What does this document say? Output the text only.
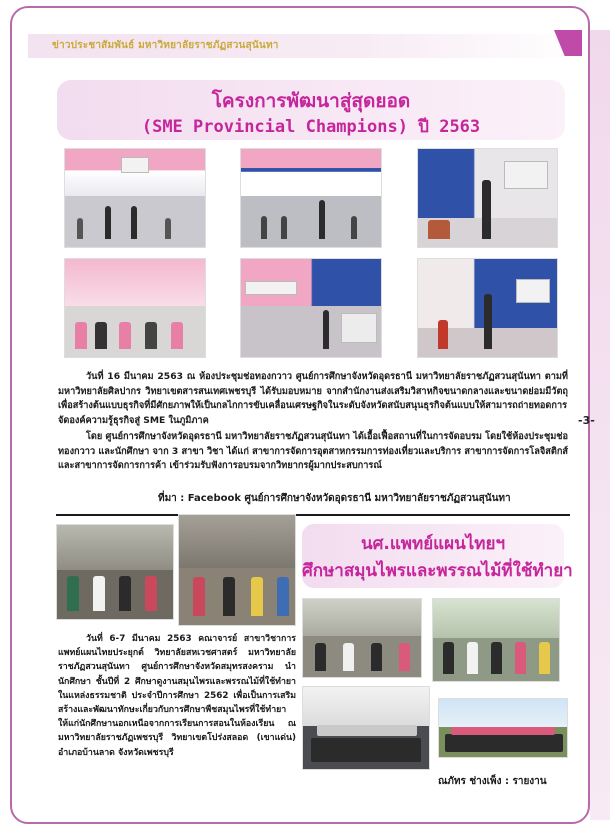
ข่าวประชาสัมพันธ์ มหาวิทยาลัยราชภัฏสวนสุนันทา
โครงการพัฒนาสู่สุดยอด
(SME Provincial Champions) ปี 2563
วันที่ 16 มีนาคม 2563 ณ ห้องประชุมช่อทองกวาว ศูนย์การศึกษาจังหวัดอุดรธานี มหาวิทยาลัยราชภัฏสวนสุนันทา ตามที่ มหาวิทยาลัยศิลปากร วิทยาเขตสารสนเทศเพชรบุรี ได้รับมอบหมาย จากสำนักงานส่งเสริมวิสาหกิจขนาดกลางและขนาดย่อมมีวัตถุเพื่อสร้างต้นแบบธุรกิจที่มีศักยภาพให้เป็นกลไกการขับเคลื่อนเศรษฐกิจในระดับจังหวัดสนับสนุนธุรกิจต้นแบบให้สามารถถ่ายทอดการจัดองค์ความรู้ธุรกิจสู่ SME ในภูมิภาค
โดย ศูนย์การศึกษาจังหวัดอุดรธานี มหาวิทยาลัยราชภัฏสวนสุนันทา ได้เอื้อเฟื้อสถานที่ในการจัดอบรม โดยใช้ห้องประชุมช่อทองกวาว และนักศึกษา จาก 3 สาขา วิชา ได้แก่ สาขาการจัดการอุตสาหกรรมการท่องเที่ยวและบริการ สาขาการจัดการโลจิสติกส์ และสาขาการจัดการการค้า เข้าร่วมรับฟังการอบรมจากวิทยากรผู้มากประสบการณ์
ที่มา : Facebook ศูนย์การศึกษาจังหวัดอุดรธานี มหาวิทยาลัยราชภัฏสวนสุนันทา
-3-
นศ.แพทย์แผนไทยฯ
ศึกษาสมุนไพรและพรรณไม้ที่ใช้ทำยา
วันที่ 6-7 มีนาคม 2563 คณาจารย์ สาขาวิชาการแพทย์แผนไทยประยุกต์ วิทยาลัยสหเวชศาสตร์ มหาวิทยาลัยราชภัฏสวนสุนันทา ศูนย์การศึกษาจังหวัดสมุทรสงคราม นำนักศึกษา ชั้นปีที่ 2 ศึกษาดูงานสมุนไพรและพรรณไม้ที่ใช้ทำยาในแหล่งธรรมชาติ ประจำปีการศึกษา 2562 เพื่อเป็นการเสริมสร้างและพัฒนาทักษะเกี่ยวกับการศึกษาพืชสมุนไพรที่ใช้ทำยาให้แก่นักศึกษานอกเหนือจากการเรียนการสอนในห้องเรียน ณ มหาวิทยาลัยราชภัฏเพชรบุรี วิทยาเขตโปร่งสลอด (เขาแด่น) อำเภอบ้านลาด จังหวัดเพชรบุรี
ณภัทร ช่างเพ็ง : รายงาน
